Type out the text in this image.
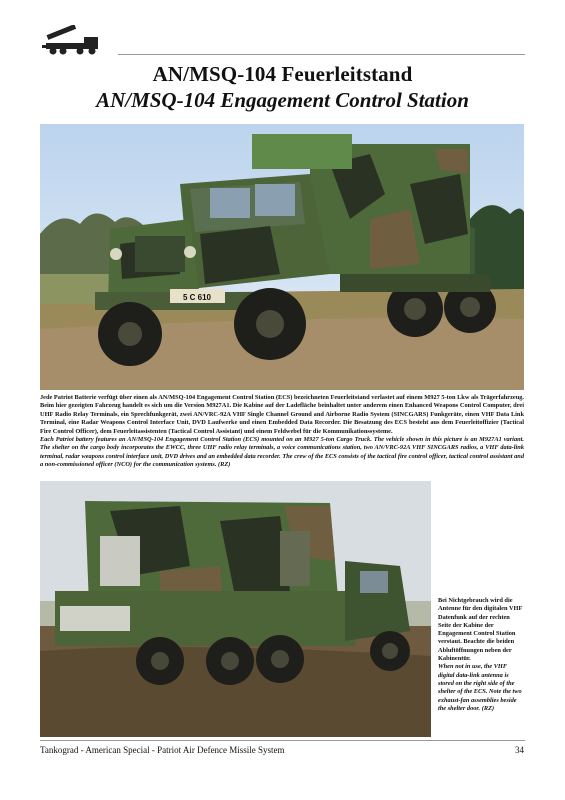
AN/MSQ-104 Feuerleitstand
AN/MSQ-104 Engagement Control Station
5 C 610

Jede Patriot Batterie verfügt über einen als AN/MSQ-104 Engagement Control Station (ECS) bezeichneten Feuerleitstand verlastet auf einem M927 5-ton Lkw als Trägerfahrzeug. Beim hier gezeigten Fahrzeug handelt es sich um die Version M927A1. Die Kabine auf der Ladefläche beinhaltet unter anderem einen Enhanced Weapons Control Computer, drei UHF Radio Relay Terminals, ein Sprechfunkgerät, zwei AN/VRC-92A VHF Single Channel Ground and Airborne Radio System (SINCGARS) Funkgeräte, einen VHF Data Link Terminal, eine Radar Weapons Control Interface Unit, DVD Laufwerke und einen Embedded Data Recorder. Die Besatzung des ECS besteht aus dem Feuerleitoffizier (Tactical Fire Control Officer), dem Feuerleitassistenten (Tactical Control Assistant) und einem Feldwebel für die Kommunikationssysteme.

Each Patriot battery features an AN/MSQ-104 Engagement Control Station (ECS) mounted on an M927 5-ton Cargo Truck. The vehicle shown in this picture is an M927A1 variant. The shelter on the cargo body incorporates the EWCC, three UHF radio relay terminals, a voice communications station, two AN/VRC-92A VHF SINCGARS radios, a VHF data-link terminal, radar weapons control interface unit, DVD drives and an embedded data recorder. The crew of the ECS consists of the tactical fire control officer, tactical control assistant and a non-commissioned officer (NCO) for the communication systems. (RZ)

Bei Nichtgebrauch wird die Antenne für den digitalen VHF Datenfunk auf der rechten Seite der Kabine der Engagement Control Station verstaut. Beachte die beiden Abluftöffnungen neben der Kabinentür.

When not in use, the VHF digital data-link antenna is stored on the right side of the shelter of the ECS. Note the two exhaust-fan assemblies beside the shelter door. (RZ)

Tankograd - American Special - Patriot Air Defence Missile System	34
